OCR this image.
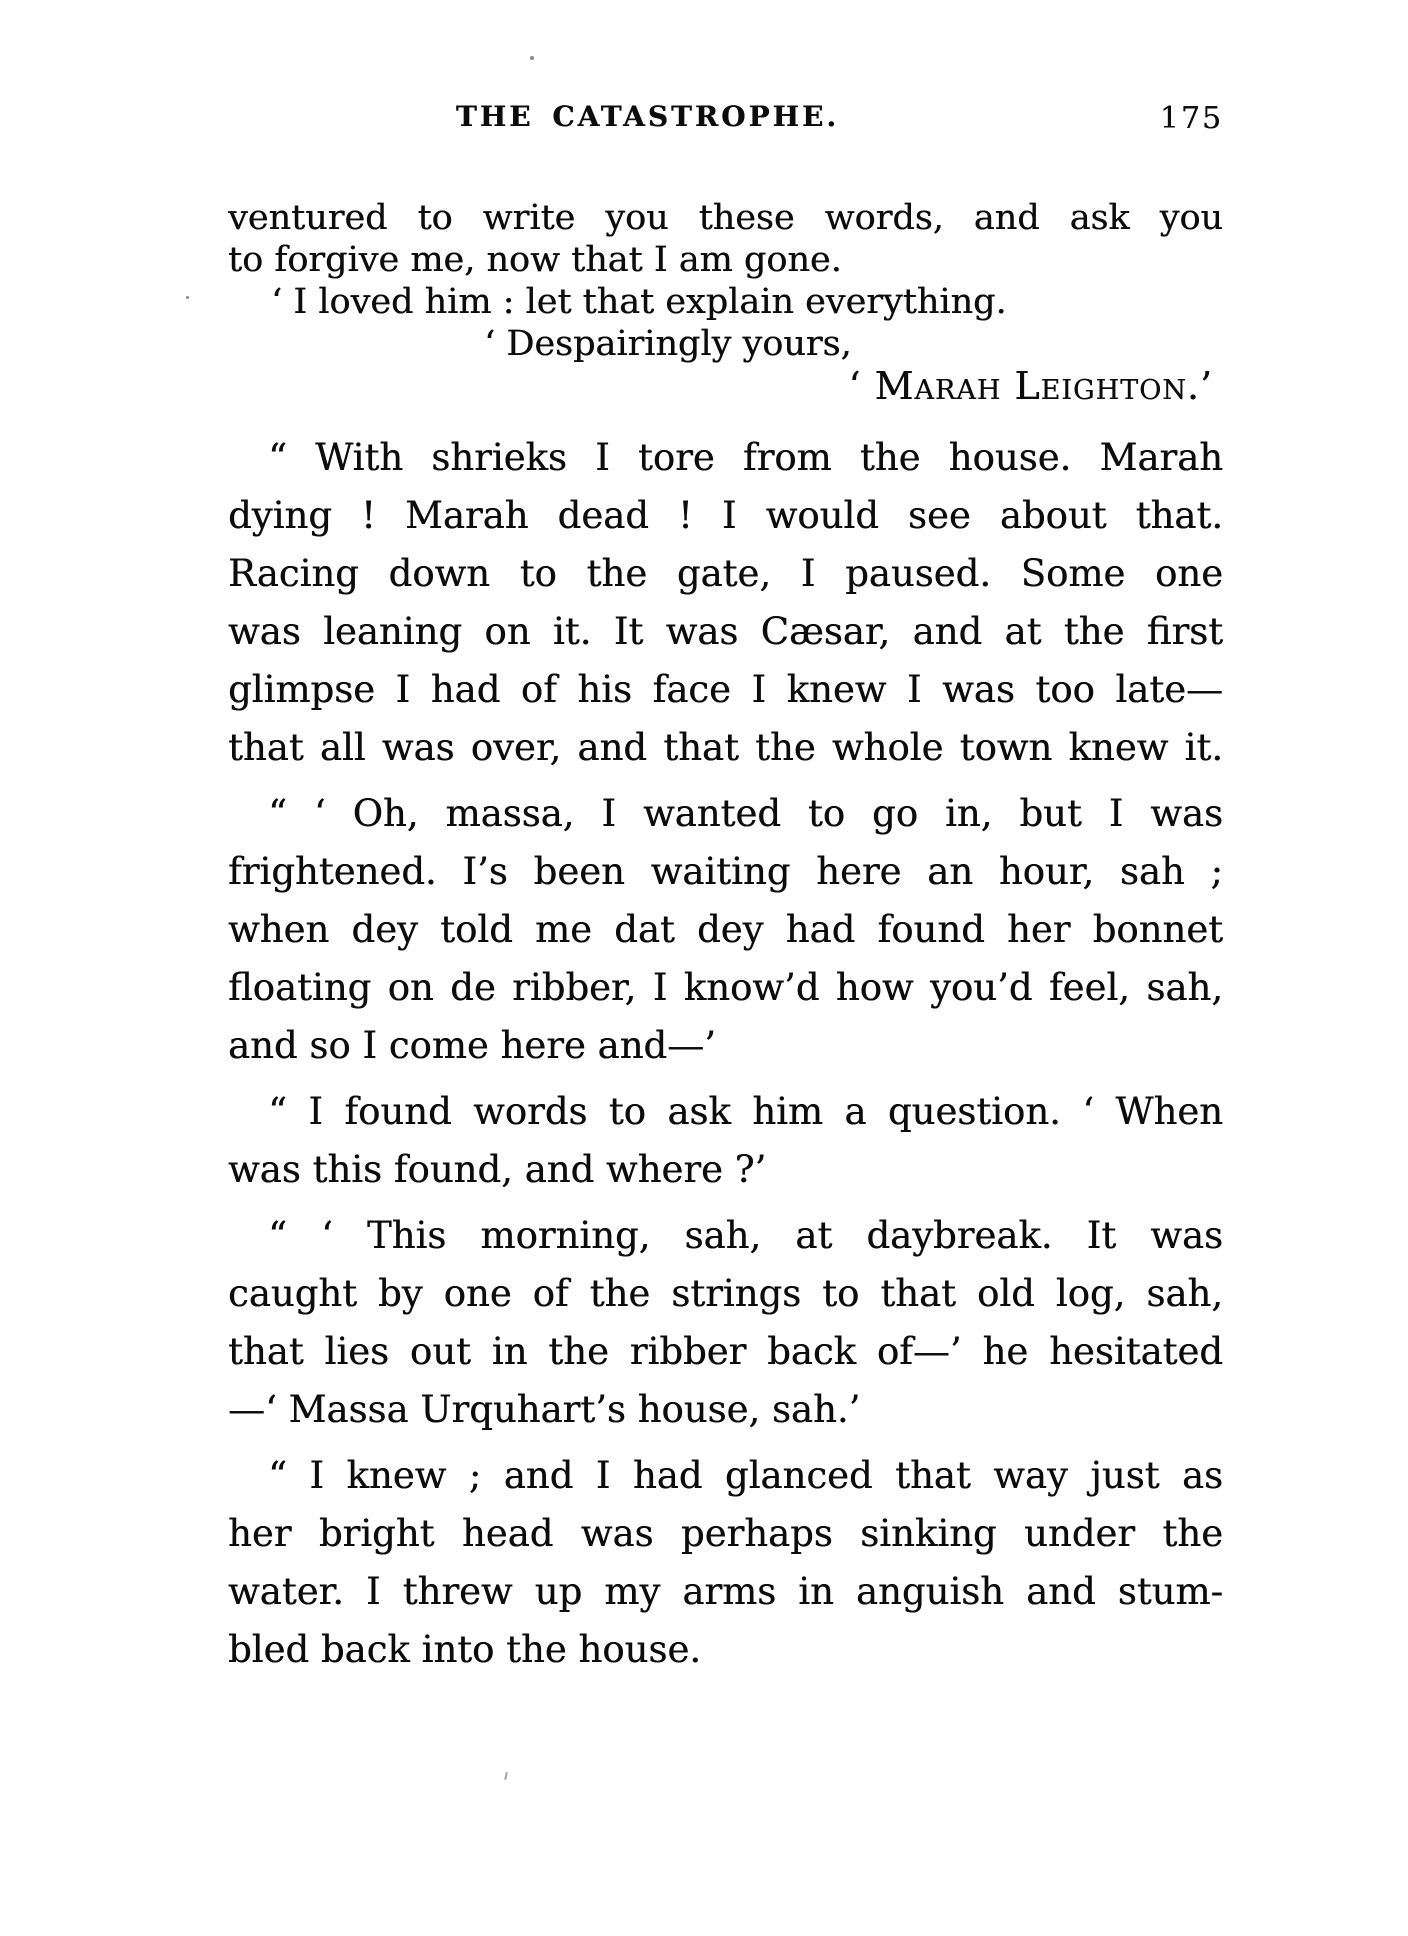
THE CATASTROPHE.	175
ventured to write you these words, and ask you
to forgive me, now that I am gone.
‘ I loved him : let that explain everything.
‘ Despairingly yours,
‘ Marah Leighton.’
“ With shrieks I tore from the house. Marah
dying ! Marah dead ! I would see about that.
Racing down to the gate, I paused. Some one
was leaning on it. It was Cæsar, and at the first
glimpse I had of his face I knew I was too late—
that all was over, and that the whole town knew it.
“ ‘ Oh, massa, I wanted to go in, but I was
frightened. I’s been waiting here an hour, sah ;
when dey told me dat dey had found her bonnet
floating on de ribber, I know’d how you’d feel, sah,
and so I come here and—’
“ I found words to ask him a question. ‘ When
was this found, and where ?’
“ ‘ This morning, sah, at daybreak. It was
caught by one of the strings to that old log, sah,
that lies out in the ribber back of—’ he hesitated
—‘ Massa Urquhart’s house, sah.’
“ I knew ; and I had glanced that way just as
her bright head was perhaps sinking under the
water. I threw up my arms in anguish and stum-
bled back into the house.
